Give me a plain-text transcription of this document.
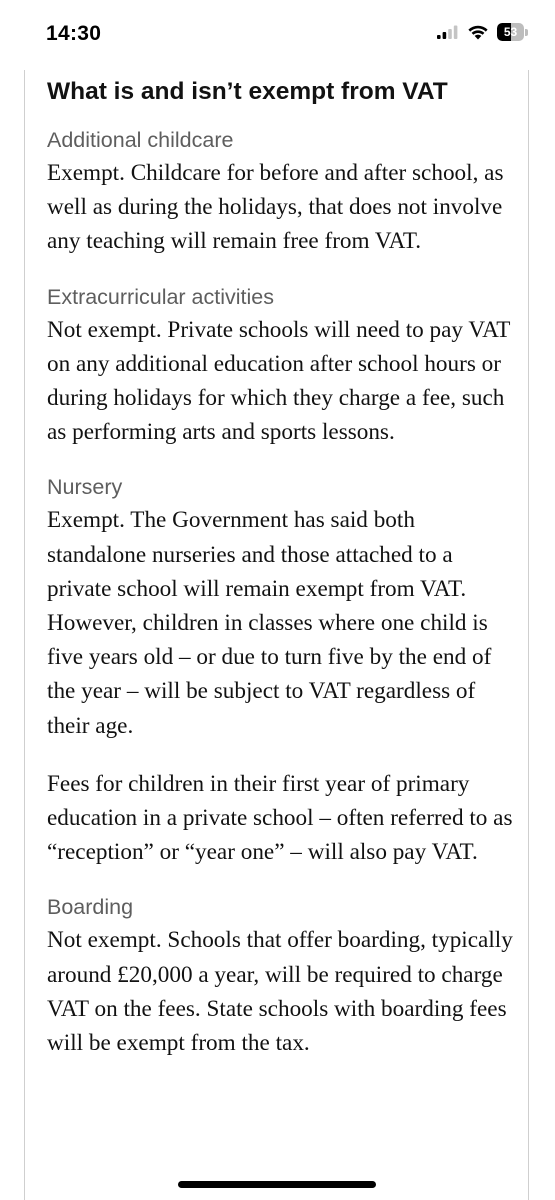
14:30	53
What is and isn’t exempt from VAT
Additional childcare

Exempt. Childcare for before and after school, as well as during the holidays, that does not involve any teaching will remain free from VAT.

Extracurricular activities

Not exempt. Private schools will need to pay VAT on any additional education after school hours or during holidays for which they charge a fee, such as performing arts and sports lessons.

Nursery

Exempt. The Government has said both standalone nurseries and those attached to a private school will remain exempt from VAT. However, children in classes where one child is five years old – or due to turn five by the end of the year – will be subject to VAT regardless of their age.

Fees for children in their first year of primary education in a private school – often referred to as “reception” or “year one” – will also pay VAT.

Boarding

Not exempt. Schools that offer boarding, typically around £20,000 a year, will be required to charge VAT on the fees. State schools with boarding fees will be exempt from the tax.
